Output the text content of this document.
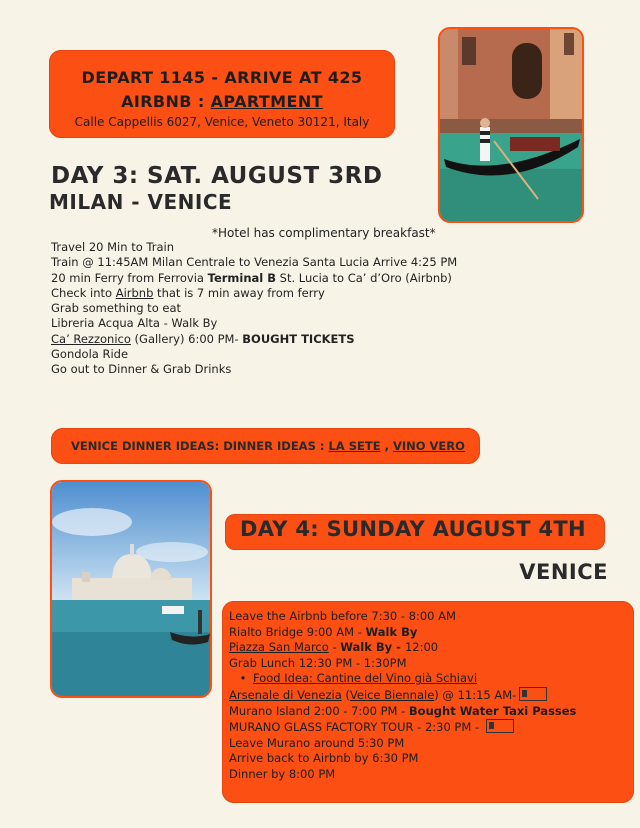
DEPART 1145 - ARRIVE AT 425
AIRBNB : APARTMENT
Calle Cappellis 6027, Venice, Veneto 30121, Italy
DAY 3: SAT. AUGUST 3RD
MILAN - VENICE
*Hotel has complimentary breakfast*
Travel 20 Min to Train
Train @ 11:45AM Milan Centrale to Venezia Santa Lucia Arrive 4:25 PM
20 min Ferry from Ferrovia Terminal B St. Lucia to Ca’ d’Oro (Airbnb)
Check into Airbnb that is 7 min away from ferry
Grab something to eat
Libreria Acqua Alta - Walk By
Ca’ Rezzonico (Gallery) 6:00 PM- BOUGHT TICKETS
Gondola Ride
Go out to Dinner & Grab Drinks
VENICE DINNER IDEAS: DINNER IDEAS : LA SETE , VINO VERO
DAY 4: SUNDAY AUGUST 4TH
VENICE
Leave the Airbnb before 7:30 - 8:00 AM
Rialto Bridge 9:00 AM - Walk By
Piazza San Marco - Walk By - 12:00
Grab Lunch 12:30 PM - 1:30PM
• Food Idea: Cantine del Vino già Schiavi
Arsenale di Venezia (Veice Biennale) @ 11:15 AM-
Murano Island 2:00 - 7:00 PM - Bought Water Taxi Passes
MURANO GLASS FACTORY TOUR - 2:30 PM -
Leave Murano around 5:30 PM
Arrive back to Airbnb by 6:30 PM
Dinner by 8:00 PM
